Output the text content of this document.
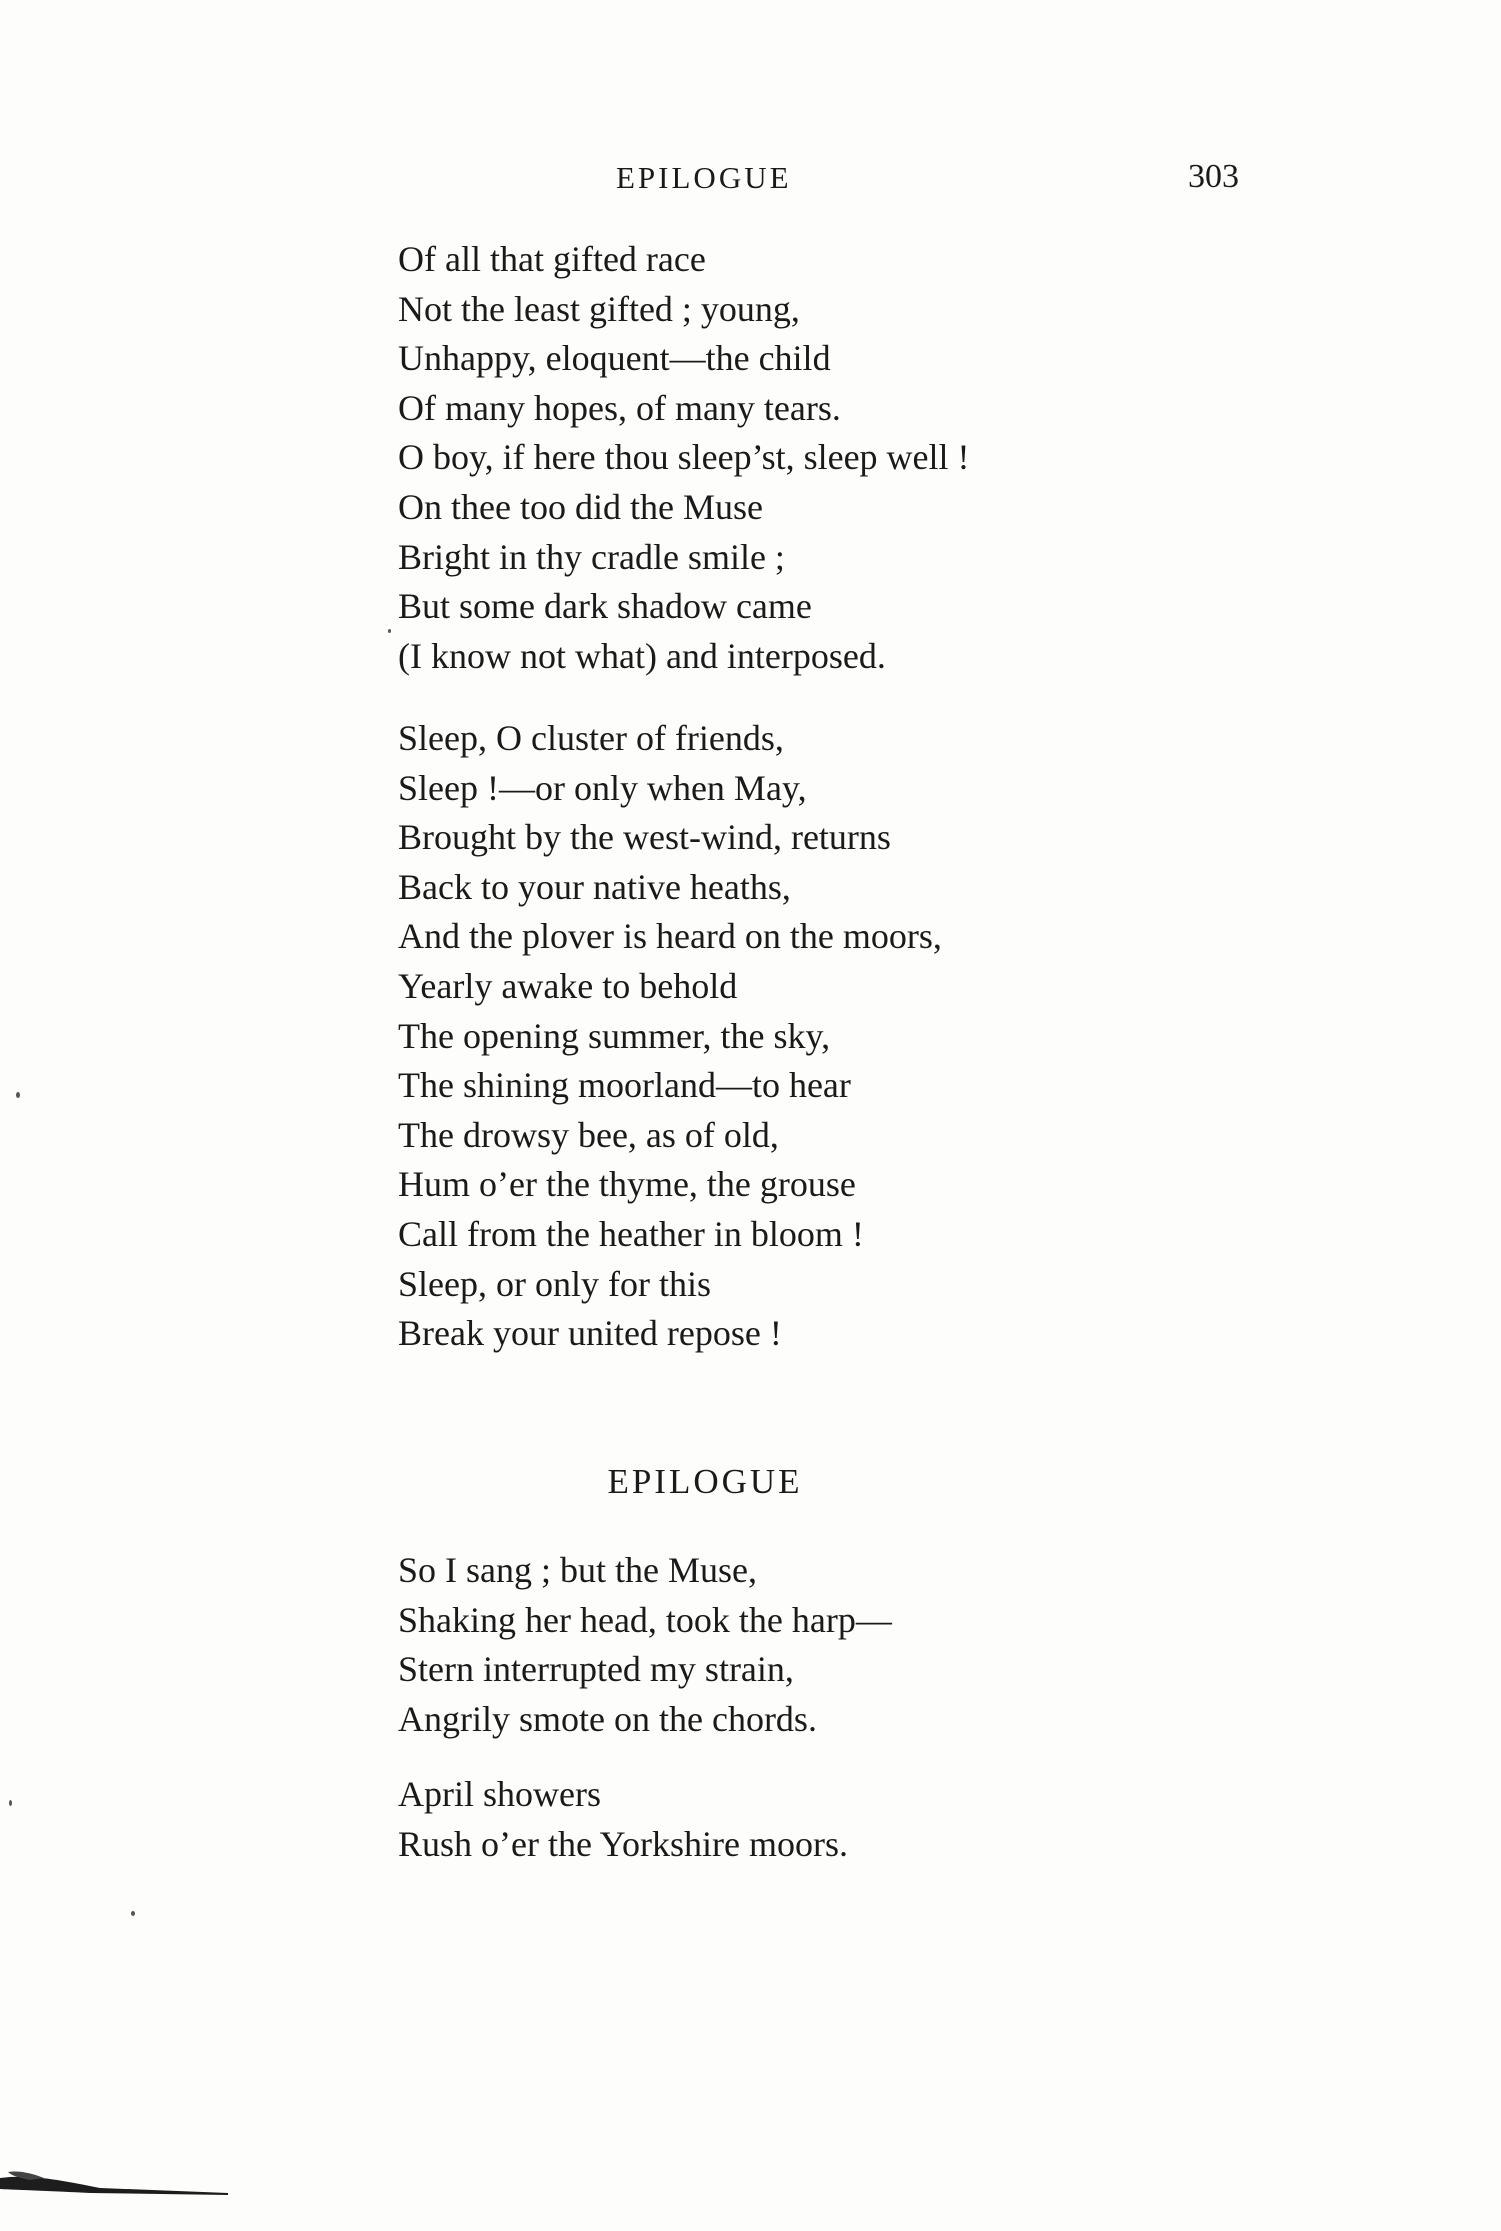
EPILOGUE	303
Of all that gifted race
Not the least gifted ; young,
Unhappy, eloquent—the child
Of many hopes, of many tears.
O boy, if here thou sleep’st, sleep well !
On thee too did the Muse
Bright in thy cradle smile ;
But some dark shadow came
(I know not what) and interposed.
Sleep, O cluster of friends,
Sleep !—or only when May,
Brought by the west-wind, returns
Back to your native heaths,
And the plover is heard on the moors,
Yearly awake to behold
The opening summer, the sky,
The shining moorland—to hear
The drowsy bee, as of old,
Hum o’er the thyme, the grouse
Call from the heather in bloom !
Sleep, or only for this
Break your united repose !
EPILOGUE
So I sang ; but the Muse,
Shaking her head, took the harp—
Stern interrupted my strain,
Angrily smote on the chords.
April showers
Rush o’er the Yorkshire moors.
